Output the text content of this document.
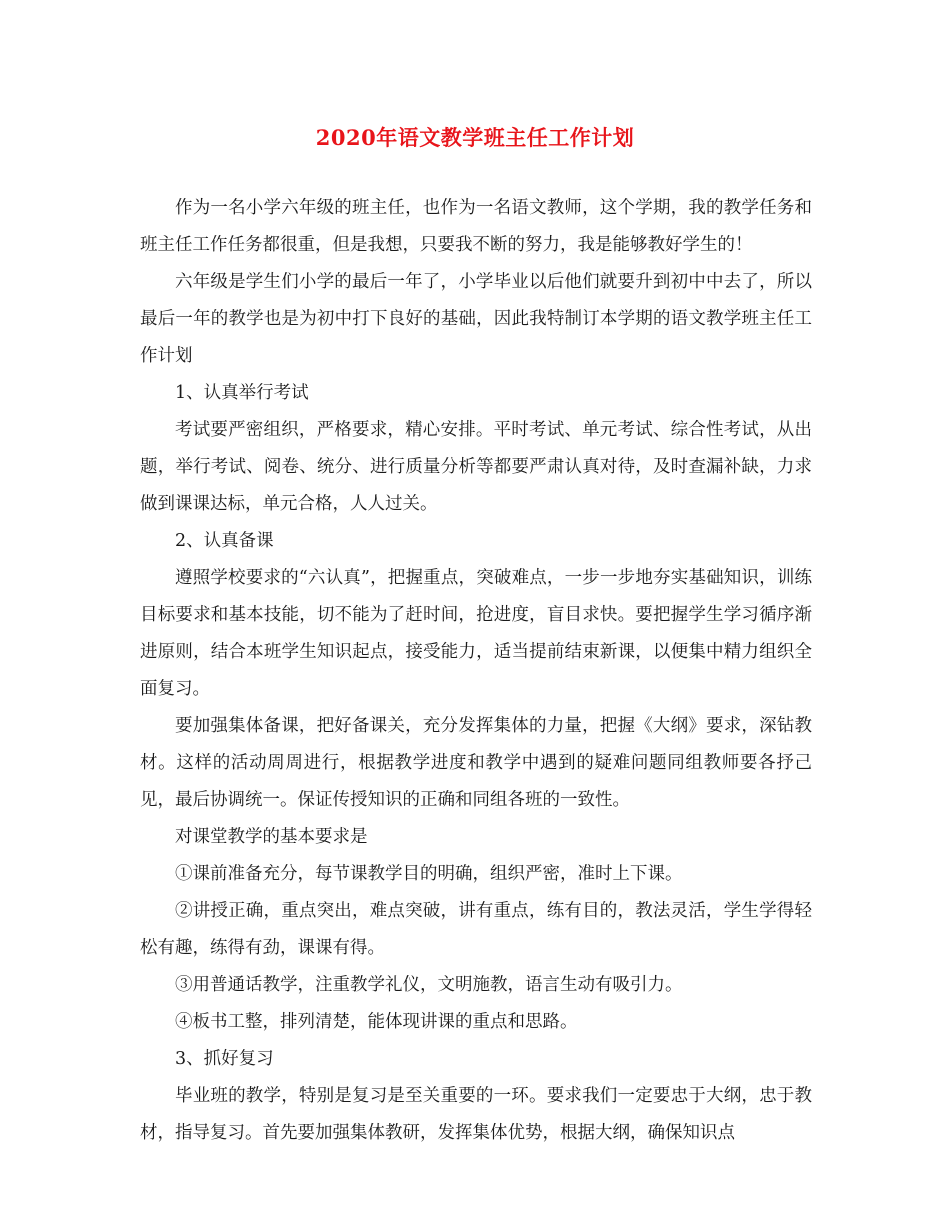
2020年语文教学班主任工作计划

作为一名小学六年级的班主任，也作为一名语文教师，这个学期，我的教学任务和班主任工作任务都很重，但是我想，只要我不断的努力，我是能够教好学生的！

六年级是学生们小学的最后一年了，小学毕业以后他们就要升到初中中去了，所以最后一年的教学也是为初中打下良好的基础，因此我特制订本学期的语文教学班主任工作计划

1、认真举行考试

考试要严密组织，严格要求，精心安排。平时考试、单元考试、综合性考试，从出题，举行考试、阅卷、统分、进行质量分析等都要严肃认真对待，及时查漏补缺，力求做到课课达标，单元合格，人人过关。

2、认真备课

遵照学校要求的“六认真”，把握重点，突破难点，一步一步地夯实基础知识，训练目标要求和基本技能，切不能为了赶时间，抢进度，盲目求快。要把握学生学习循序渐进原则，结合本班学生知识起点，接受能力，适当提前结束新课，以便集中精力组织全面复习。

要加强集体备课，把好备课关，充分发挥集体的力量，把握《大纲》要求，深钻教材。这样的活动周周进行，根据教学进度和教学中遇到的疑难问题同组教师要各抒己见，最后协调统一。保证传授知识的正确和同组各班的一致性。

对课堂教学的基本要求是

①课前准备充分，每节课教学目的明确，组织严密，准时上下课。

②讲授正确，重点突出，难点突破，讲有重点，练有目的，教法灵活，学生学得轻松有趣，练得有劲，课课有得。

③用普通话教学，注重教学礼仪，文明施教，语言生动有吸引力。

④板书工整，排列清楚，能体现讲课的重点和思路。

3、抓好复习

毕业班的教学，特别是复习是至关重要的一环。要求我们一定要忠于大纲，忠于教材，指导复习。首先要加强集体教研，发挥集体优势，根据大纲，确保知识点
